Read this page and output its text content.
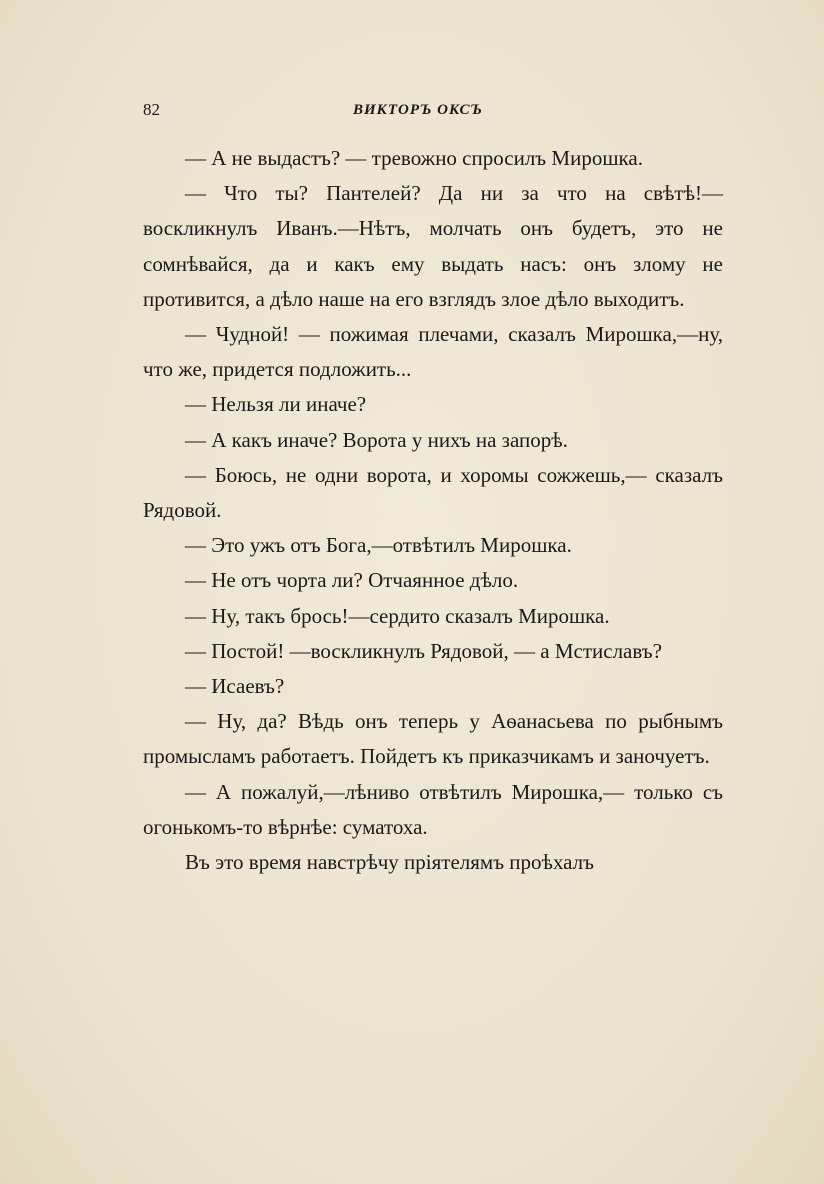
82	ВИКТОРЪ ОКСЪ

— А не выдастъ? — тревожно спросилъ Мирошка.

— Что ты? Пантелей? Да ни за что на свѣтѣ!— воскликнулъ Иванъ.—Нѣтъ, молчать онъ будетъ, это не сомнѣвайся, да и какъ ему выдать насъ: онъ злому не противится, а дѣло наше на его взглядъ злое дѣло выходитъ.

— Чудной! — пожимая плечами, сказалъ Мирошка,—ну, что же, придется подложить...

— Нельзя ли иначе?

— А какъ иначе? Ворота у нихъ на запорѣ.

— Боюсь, не одни ворота, и хоромы сожжешь,— сказалъ Рядовой.

— Это ужъ отъ Бога,—отвѣтилъ Мирошка.

— Не отъ чорта ли? Отчаянное дѣло.

— Ну, такъ брось!—сердито сказалъ Мирошка.

— Постой! —воскликнулъ Рядовой, — а Мстиславъ?

— Исаевъ?

— Ну, да? Вѣдь онъ теперь у Аѳанасьева по рыбнымъ промысламъ работаетъ. Пойдетъ къ приказчикамъ и заночуетъ.

— А пожалуй,—лѣниво отвѣтилъ Мирошка,— только съ огонькомъ-то вѣрнѣе: суматоха.

Въ это время навстрѣчу пріятелямъ проѣхалъ
